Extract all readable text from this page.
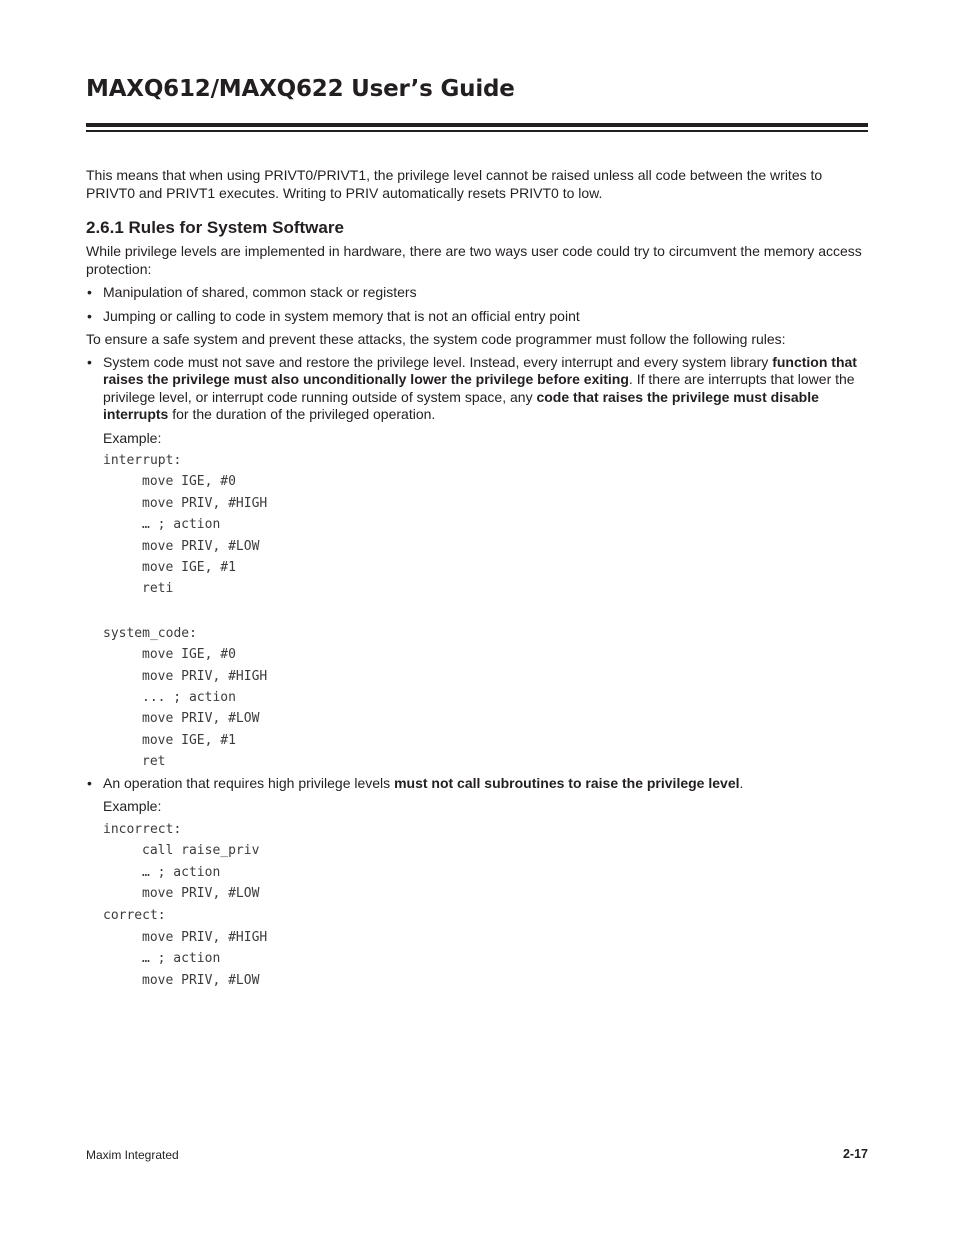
MAXQ612/MAXQ622 User’s Guide

This means that when using PRIVT0/PRIVT1, the privilege level cannot be raised unless all code between the writes to PRIVT0 and PRIVT1 executes. Writing to PRIV automatically resets PRIVT0 to low.

2.6.1 Rules for System Software

While privilege levels are implemented in hardware, there are two ways user code could try to circumvent the memory access protection:

• Manipulation of shared, common stack or registers
• Jumping or calling to code in system memory that is not an official entry point

To ensure a safe system and prevent these attacks, the system code programmer must follow the following rules:

• System code must not save and restore the privilege level. Instead, every interrupt and every system library function that raises the privilege must also unconditionally lower the privilege before exiting. If there are interrupts that lower the privilege level, or interrupt code running outside of system space, any code that raises the privilege must disable interrupts for the duration of the privileged operation.

Example:

interrupt:
move IGE, #0
move PRIV, #HIGH
… ; action
move PRIV, #LOW
move IGE, #1
reti
system_code:
move IGE, #0
move PRIV, #HIGH
... ; action
move PRIV, #LOW
move IGE, #1
ret
• An operation that requires high privilege levels must not call subroutines to raise the privilege level.

Example:

incorrect:
call raise_priv
… ; action
move PRIV, #LOW
correct:
move PRIV, #HIGH
… ; action
move PRIV, #LOW

Maxim Integrated	2-17
